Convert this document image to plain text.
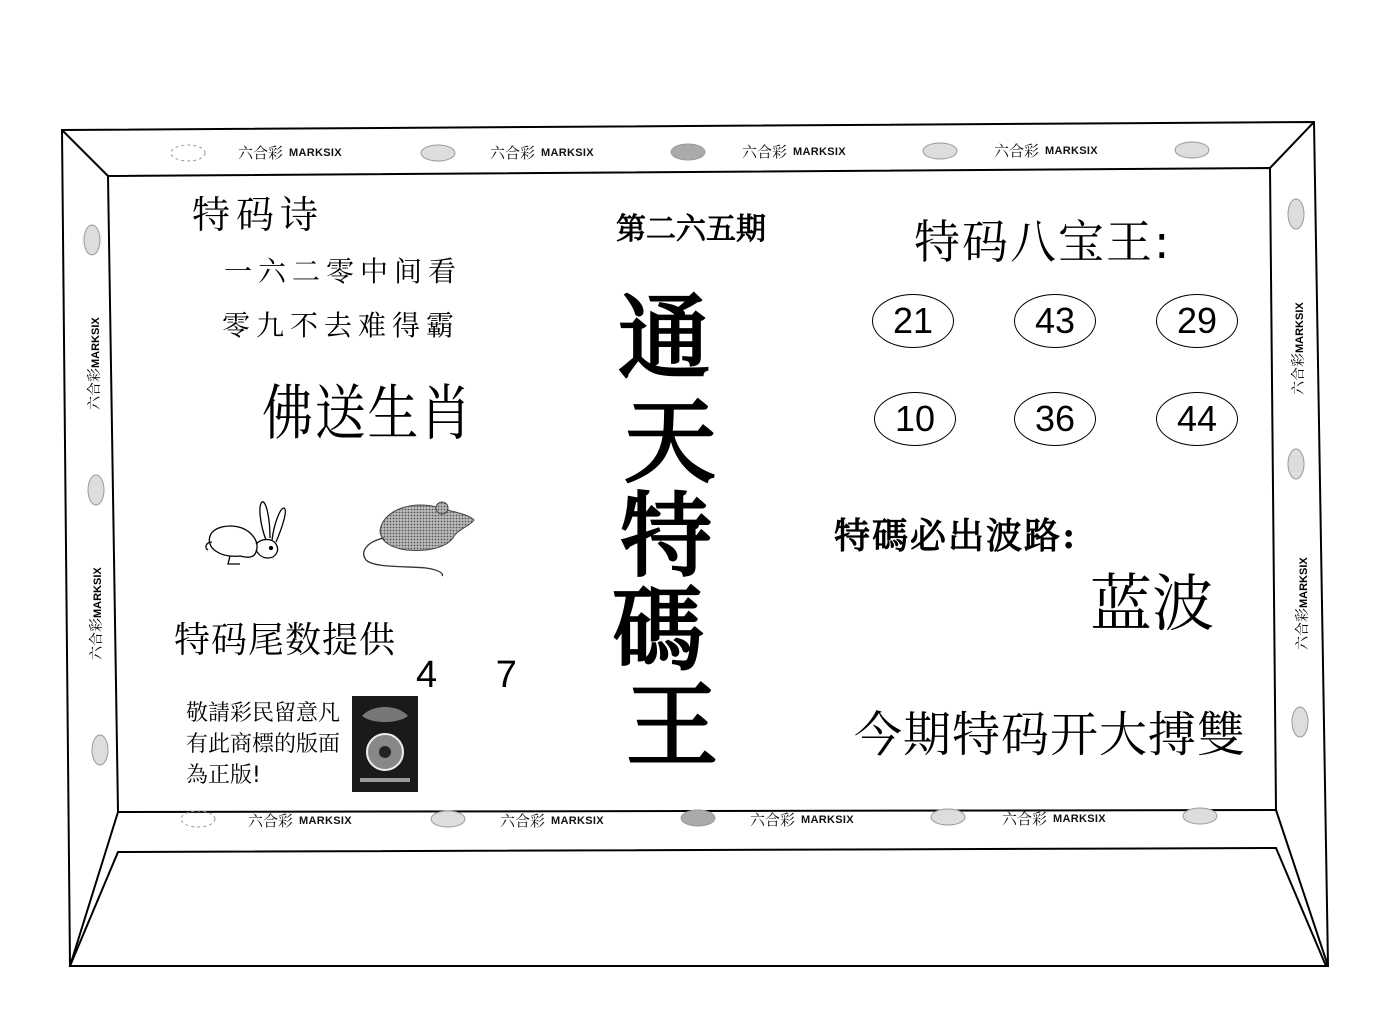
六合彩 MARKSIX	六合彩 MARKSIX	六合彩 MARKSIX	六合彩 MARKSIX
六合彩 MARKSIX	六合彩 MARKSIX	六合彩 MARKSIX	六合彩 MARKSIX
六合彩MARKSIX
六合彩MARKSIX
六合彩MARKSIX
六合彩MARKSIX
特码诗
一六二零中间看
零九不去难得霸
佛送生肖
特码尾数提供
4 7
敬請彩民留意凡有此商標的版面為正版!
第二六五期
通
天
特
碼
王
特码八宝王:
21	43	29
10	36	44
特碼必出波路:
蓝波
今期特码开大搏雙
